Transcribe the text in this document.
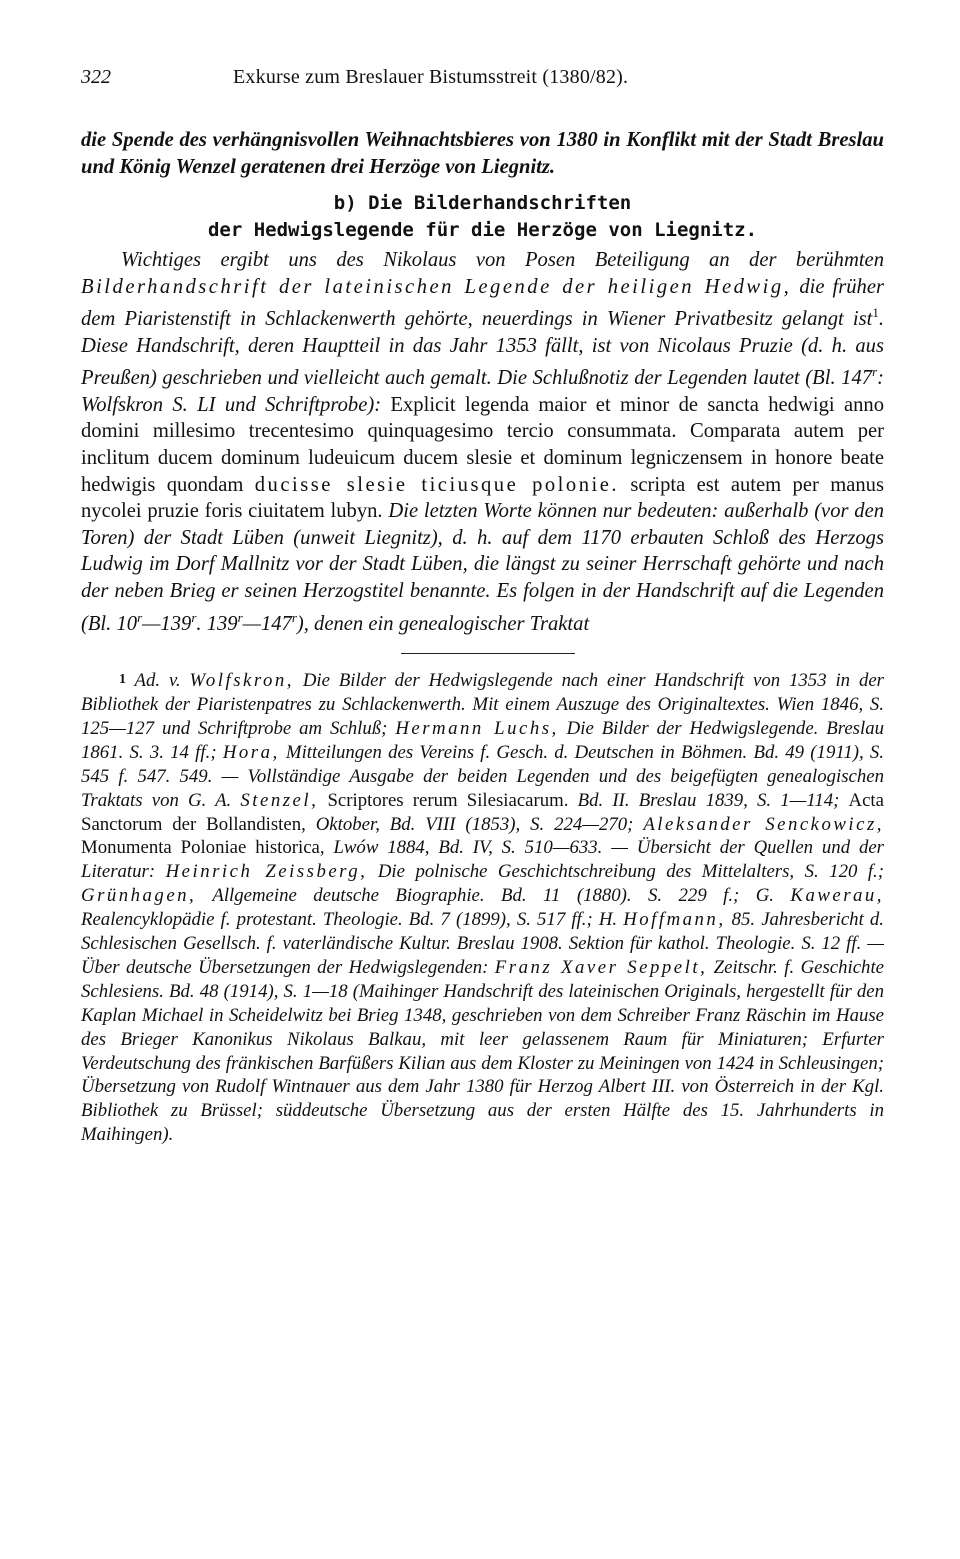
322	Exkurse zum Breslauer Bistumsstreit (1380/82).
die Spende des verhängnisvollen Weihnachtsbieres von 1380 in Konflikt mit der Stadt Breslau und König Wenzel geratenen drei Herzöge von Liegnitz.
b) Die Bilderhandschriften
der Hedwigslegende für die Herzöge von Liegnitz.
Wichtiges ergibt uns des Nikolaus von Posen Beteiligung an der berühmten Bilderhandschrift der lateinischen Legende der heiligen Hedwig, die früher dem Piaristenstift in Schlackenwerth gehörte, neuerdings in Wiener Privatbesitz gelangt ist$^1$. Diese Handschrift, deren Hauptteil in das Jahr 1353 fällt, ist von Nicolaus Pruzie (d. h. aus Preußen) geschrieben und vielleicht auch gemalt. Die Schlußnotiz der Legenden lautet (Bl. 147$^r$: Wolfskron S. LI und Schriftprobe): Explicit legenda maior et minor de sancta hedwigi anno domini millesimo trecentesimo quinquagesimo tercio consummata. Comparata autem per inclitum ducem dominum ludeuicum ducem slesie et dominum legniczensem in honore beate hedwigis quondam ducisse slesie ticiusque polonie. scripta est autem per manus nycolei pruzie foris ciuitatem lubyn. Die letzten Worte können nur bedeuten: außerhalb (vor den Toren) der Stadt Lüben (unweit Liegnitz), d. h. auf dem 1170 erbauten Schloß des Herzogs Ludwig im Dorf Mallnitz vor der Stadt Lüben, die längst zu seiner Herrschaft gehörte und nach der neben Brieg er seinen Herzogstitel benannte. Es folgen in der Handschrift auf die Legenden (Bl. 10$^r$—139$^r$. 139$^r$—147$^r$), denen ein genealogischer Traktat
1 Ad. v. Wolfskron, Die Bilder der Hedwigslegende nach einer Handschrift von 1353 in der Bibliothek der Piaristenpatres zu Schlackenwerth. Mit einem Auszuge des Originaltextes. Wien 1846, S. 125—127 und Schriftprobe am Schluß; Hermann Luchs, Die Bilder der Hedwigslegende. Breslau 1861. S. 3. 14 ff.; Hora, Mitteilungen des Vereins f. Gesch. d. Deutschen in Böhmen. Bd. 49 (1911), S. 545 f. 547. 549. — Vollständige Ausgabe der beiden Legenden und des beigefügten genealogischen Traktats von G. A. Stenzel, Scriptores rerum Silesiacarum. Bd. II. Breslau 1839, S. 1—114; Acta Sanctorum der Bollandisten, Oktober, Bd. VIII (1853), S. 224—270; Aleksander Senckowicz, Monumenta Poloniae historica, Lwów 1884, Bd. IV, S. 510—633. — Übersicht der Quellen und der Literatur: Heinrich Zeissberg, Die polnische Geschichtschreibung des Mittelalters, S. 120 f.; Grünhagen, Allgemeine deutsche Biographie. Bd. 11 (1880). S. 229 f.; G. Kawerau, Realencyklopädie f. protestant. Theologie. Bd. 7 (1899), S. 517 ff.; H. Hoffmann, 85. Jahresbericht d. Schlesischen Gesellsch. f. vaterländische Kultur. Breslau 1908. Sektion für kathol. Theologie. S. 12 ff. — Über deutsche Übersetzungen der Hedwigslegenden: Franz Xaver Seppelt, Zeitschr. f. Geschichte Schlesiens. Bd. 48 (1914), S. 1—18 (Maihinger Handschrift des lateinischen Originals, hergestellt für den Kaplan Michael in Scheidelwitz bei Brieg 1348, geschrieben von dem Schreiber Franz Räschin im Hause des Brieger Kanonikus Nikolaus Balkau, mit leer gelassenem Raum für Miniaturen; Erfurter Verdeutschung des fränkischen Barfüßers Kilian aus dem Kloster zu Meiningen von 1424 in Schleusingen; Übersetzung von Rudolf Wintnauer aus dem Jahr 1380 für Herzog Albert III. von Österreich in der Kgl. Bibliothek zu Brüssel; süddeutsche Übersetzung aus der ersten Hälfte des 15. Jahrhunderts in Maihingen).
